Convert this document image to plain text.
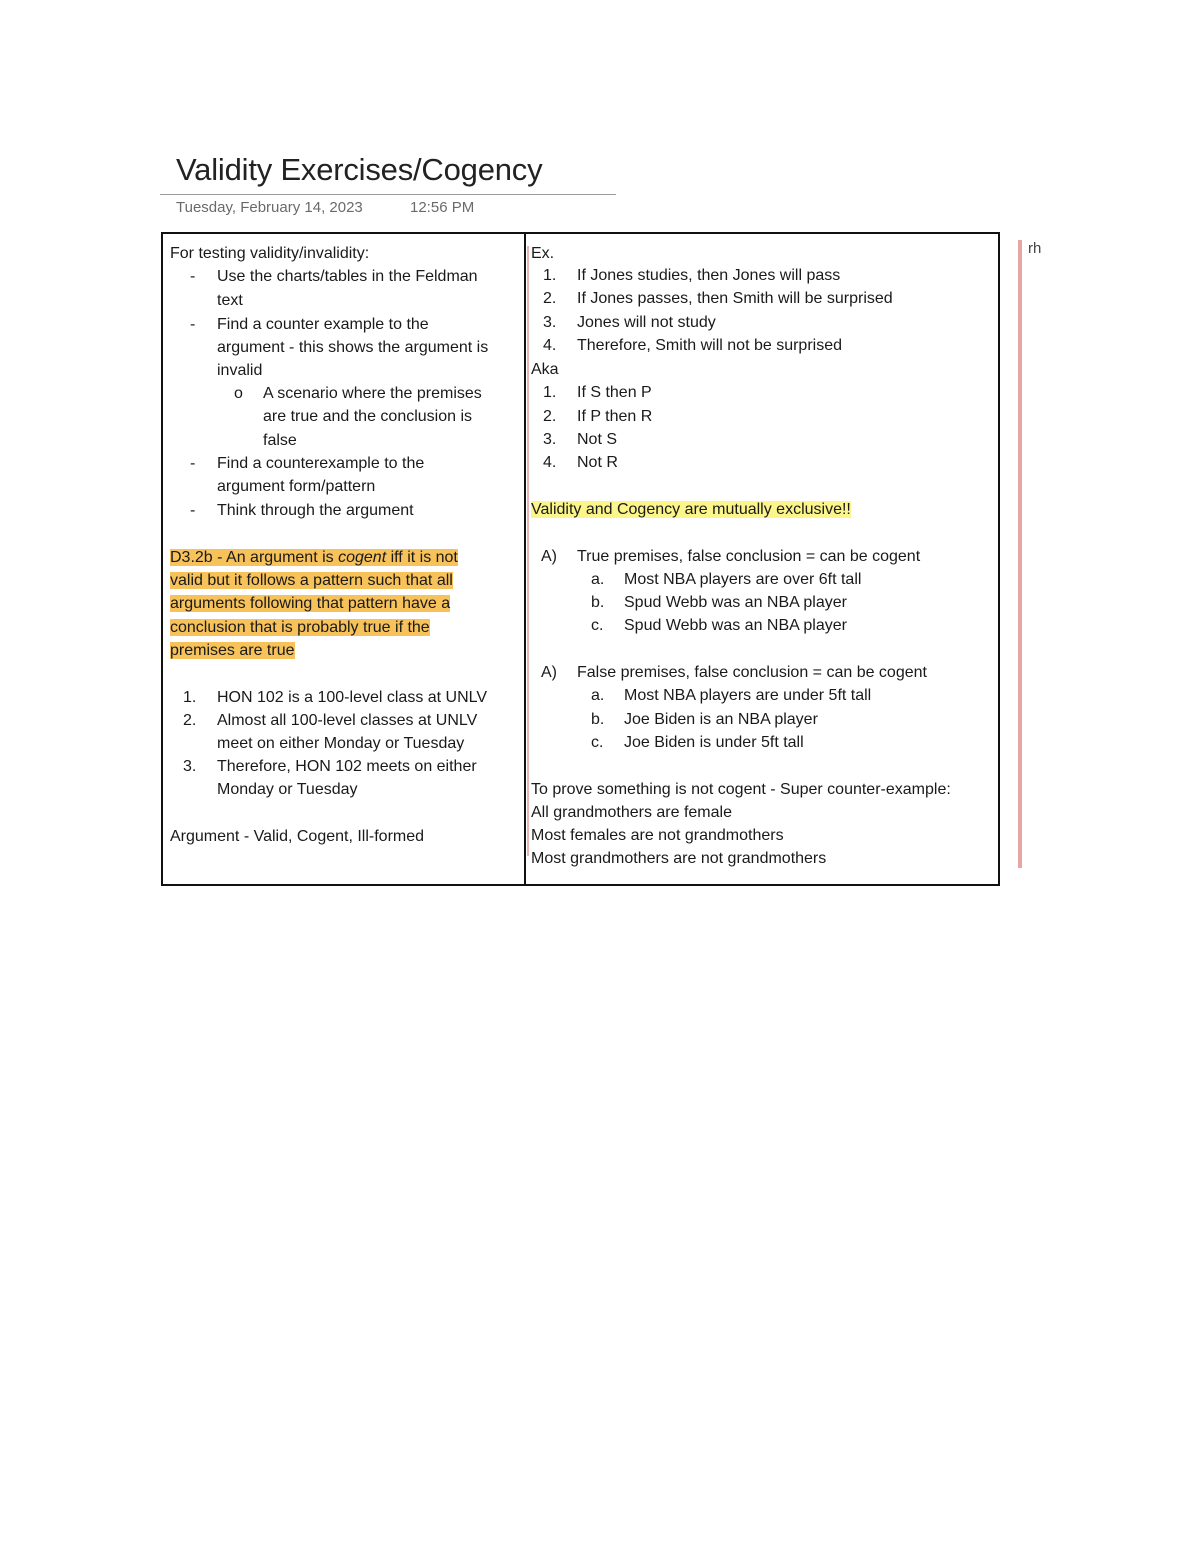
Validity Exercises/Cogency
Tuesday, February 14, 2023	12:56 PM
For testing validity/invalidity:
- Use the charts/tables in the Feldman
text
- Find a counter example to the
argument - this shows the argument is
invalid
o A scenario where the premises
are true and the conclusion is
false
- Find a counterexample to the
argument form/pattern
- Think through the argument
D3.2b - An argument is cogent iff it is not
valid but it follows a pattern such that all
arguments following that pattern have a
conclusion that is probably true if the
premises are true
1. HON 102 is a 100-level class at UNLV
2. Almost all 100-level classes at UNLV
meet on either Monday or Tuesday
3. Therefore, HON 102 meets on either
Monday or Tuesday
Argument - Valid, Cogent, Ill-formed
Ex.
1. If Jones studies, then Jones will pass
2. If Jones passes, then Smith will be surprised
3. Jones will not study
4. Therefore, Smith will not be surprised
Aka
1. If S then P
2. If P then R
3. Not S
4. Not R
Validity and Cogency are mutually exclusive!!
A) True premises, false conclusion = can be cogent
a. Most NBA players are over 6ft tall
b. Spud Webb was an NBA player
c. Spud Webb was an NBA player
A) False premises, false conclusion = can be cogent
a. Most NBA players are under 5ft tall
b. Joe Biden is an NBA player
c. Joe Biden is under 5ft tall
To prove something is not cogent - Super counter-example:
All grandmothers are female
Most females are not grandmothers
Most grandmothers are not grandmothers
rh
